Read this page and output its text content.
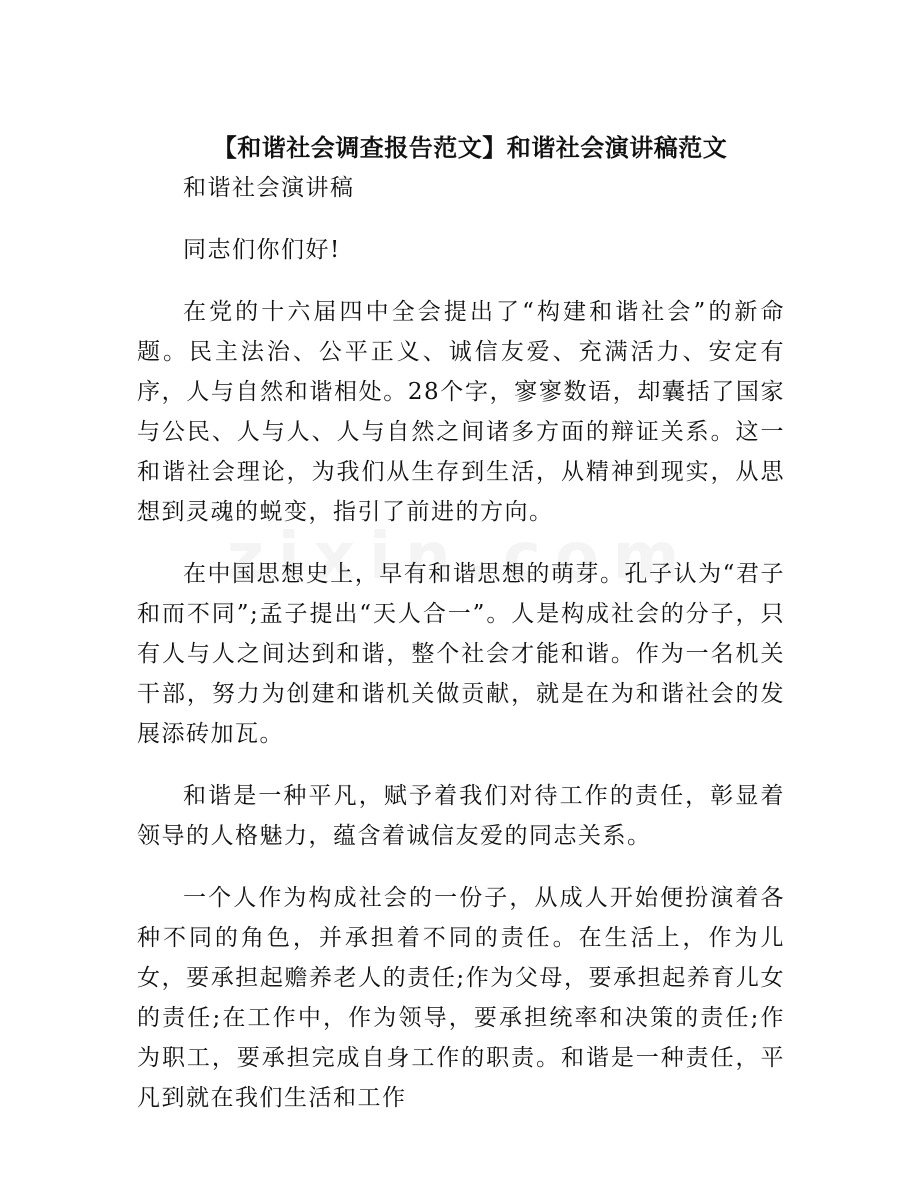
【和谐社会调查报告范文】和谐社会演讲稿范文

和谐社会演讲稿

同志们你们好!

在党的十六届四中全会提出了“构建和谐社会”的新命题。民主法治、公平正义、诚信友爱、充满活力、安定有序，人与自然和谐相处。28个字，寥寥数语，却囊括了国家与公民、人与人、人与自然之间诸多方面的辩证关系。这一和谐社会理论，为我们从生存到生活，从精神到现实，从思想到灵魂的蜕变，指引了前进的方向。

在中国思想史上，早有和谐思想的萌芽。孔子认为“君子和而不同”;孟子提出“天人合一”。人是构成社会的分子，只有人与人之间达到和谐，整个社会才能和谐。作为一名机关干部，努力为创建和谐机关做贡献，就是在为和谐社会的发展添砖加瓦。

和谐是一种平凡，赋予着我们对待工作的责任，彰显着领导的人格魅力，蕴含着诚信友爱的同志关系。

一个人作为构成社会的一份子，从成人开始便扮演着各种不同的角色，并承担着不同的责任。在生活上，作为儿女，要承担起赡养老人的责任;作为父母，要承担起养育儿女的责任;在工作中，作为领导，要承担统率和决策的责任;作为职工，要承担完成自身工作的职责。和谐是一种责任，平凡到就在我们生活和工作
